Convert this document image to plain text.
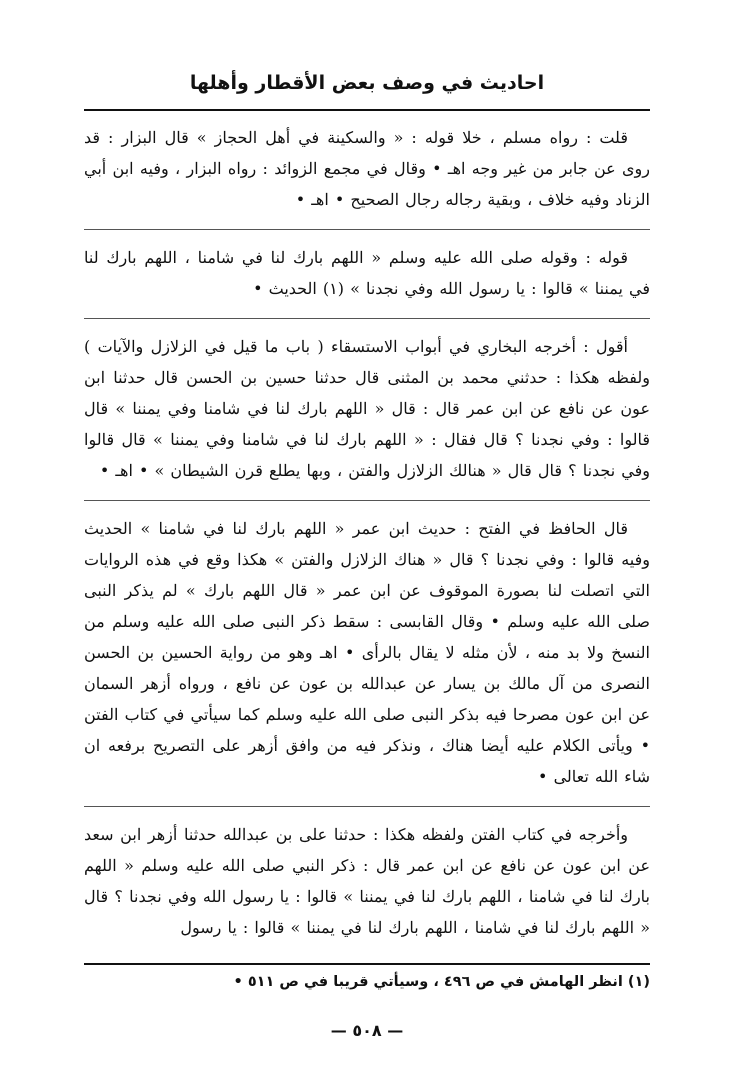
احاديث في وصف بعض الأقطار وأهلها

قلت : رواه مسلم ، خلا قوله : « والسكينة في أهل الحجاز » قال البزار : قد روى عن جابر من غير وجه اهـ • وقال في مجمع الزوائد : رواه البزار ، وفيه ابن أبي الزناد وفيه خلاف ، وبقية رجاله رجال الصحيح • اهـ •

قوله : وقوله صلى الله عليه وسلم « اللهم بارك لنا في شامنا ، اللهم بارك لنا في يمننا » قالوا : يا رسول الله وفي نجدنا » (١) الحديث •

أقول : أخرجه البخاري في أبواب الاستسقاء ( باب ما قيل في الزلازل والآيات ) ولفظه هكذا : حدثني محمد بن المثنى قال حدثنا حسين بن الحسن قال حدثنا ابن عون عن نافع عن ابن عمر قال : قال « اللهم بارك لنا في شامنا وفي يمننا » قال قالوا : وفي نجدنا ؟ قال فقال : « اللهم بارك لنا في شامنا وفي يمننا » قال قالوا وفي نجدنا ؟ قال قال « هنالك الزلازل والفتن ، وبها يطلع قرن الشيطان » • اهـ •

قال الحافظ في الفتح : حديث ابن عمر « اللهم بارك لنا في شامنا » الحديث وفيه قالوا : وفي نجدنا ؟ قال « هناك الزلازل والفتن » هكذا وقع في هذه الروايات التي اتصلت لنا بصورة الموقوف عن ابن عمر « قال اللهم بارك » لم يذكر النبى صلى الله عليه وسلم • وقال القابسى : سقط ذكر النبى صلى الله عليه وسلم من النسخ ولا بد منه ، لأن مثله لا يقال بالرأى • اهـ وهو من رواية الحسين بن الحسن النصرى من آل مالك بن يسار عن عبدالله بن عون عن نافع ، ورواه أزهر السمان عن ابن عون مصرحا فيه بذكر النبى صلى الله عليه وسلم كما سيأتي في كتاب الفتن • ويأتى الكلام عليه أيضا هناك ، ونذكر فيه من وافق أزهر على التصريح برفعه ان شاء الله تعالى •

وأخرجه في كتاب الفتن ولفظه هكذا : حدثنا على بن عبدالله حدثنا أزهر ابن سعد عن ابن عون عن نافع عن ابن عمر قال : ذكر النبي صلى الله عليه وسلم « اللهم بارك لنا في شامنا ، اللهم بارك لنا في يمننا » قالوا : يا رسول الله وفي نجدنا ؟ قال « اللهم بارك لنا في شامنا ، اللهم بارك لنا في يمننا » قالوا : يا رسول

(١) انظر الهامش في ص ٤٩٦ ، وسيأتي قريبا في ص ٥١١ •
— ٥٠٨ —
